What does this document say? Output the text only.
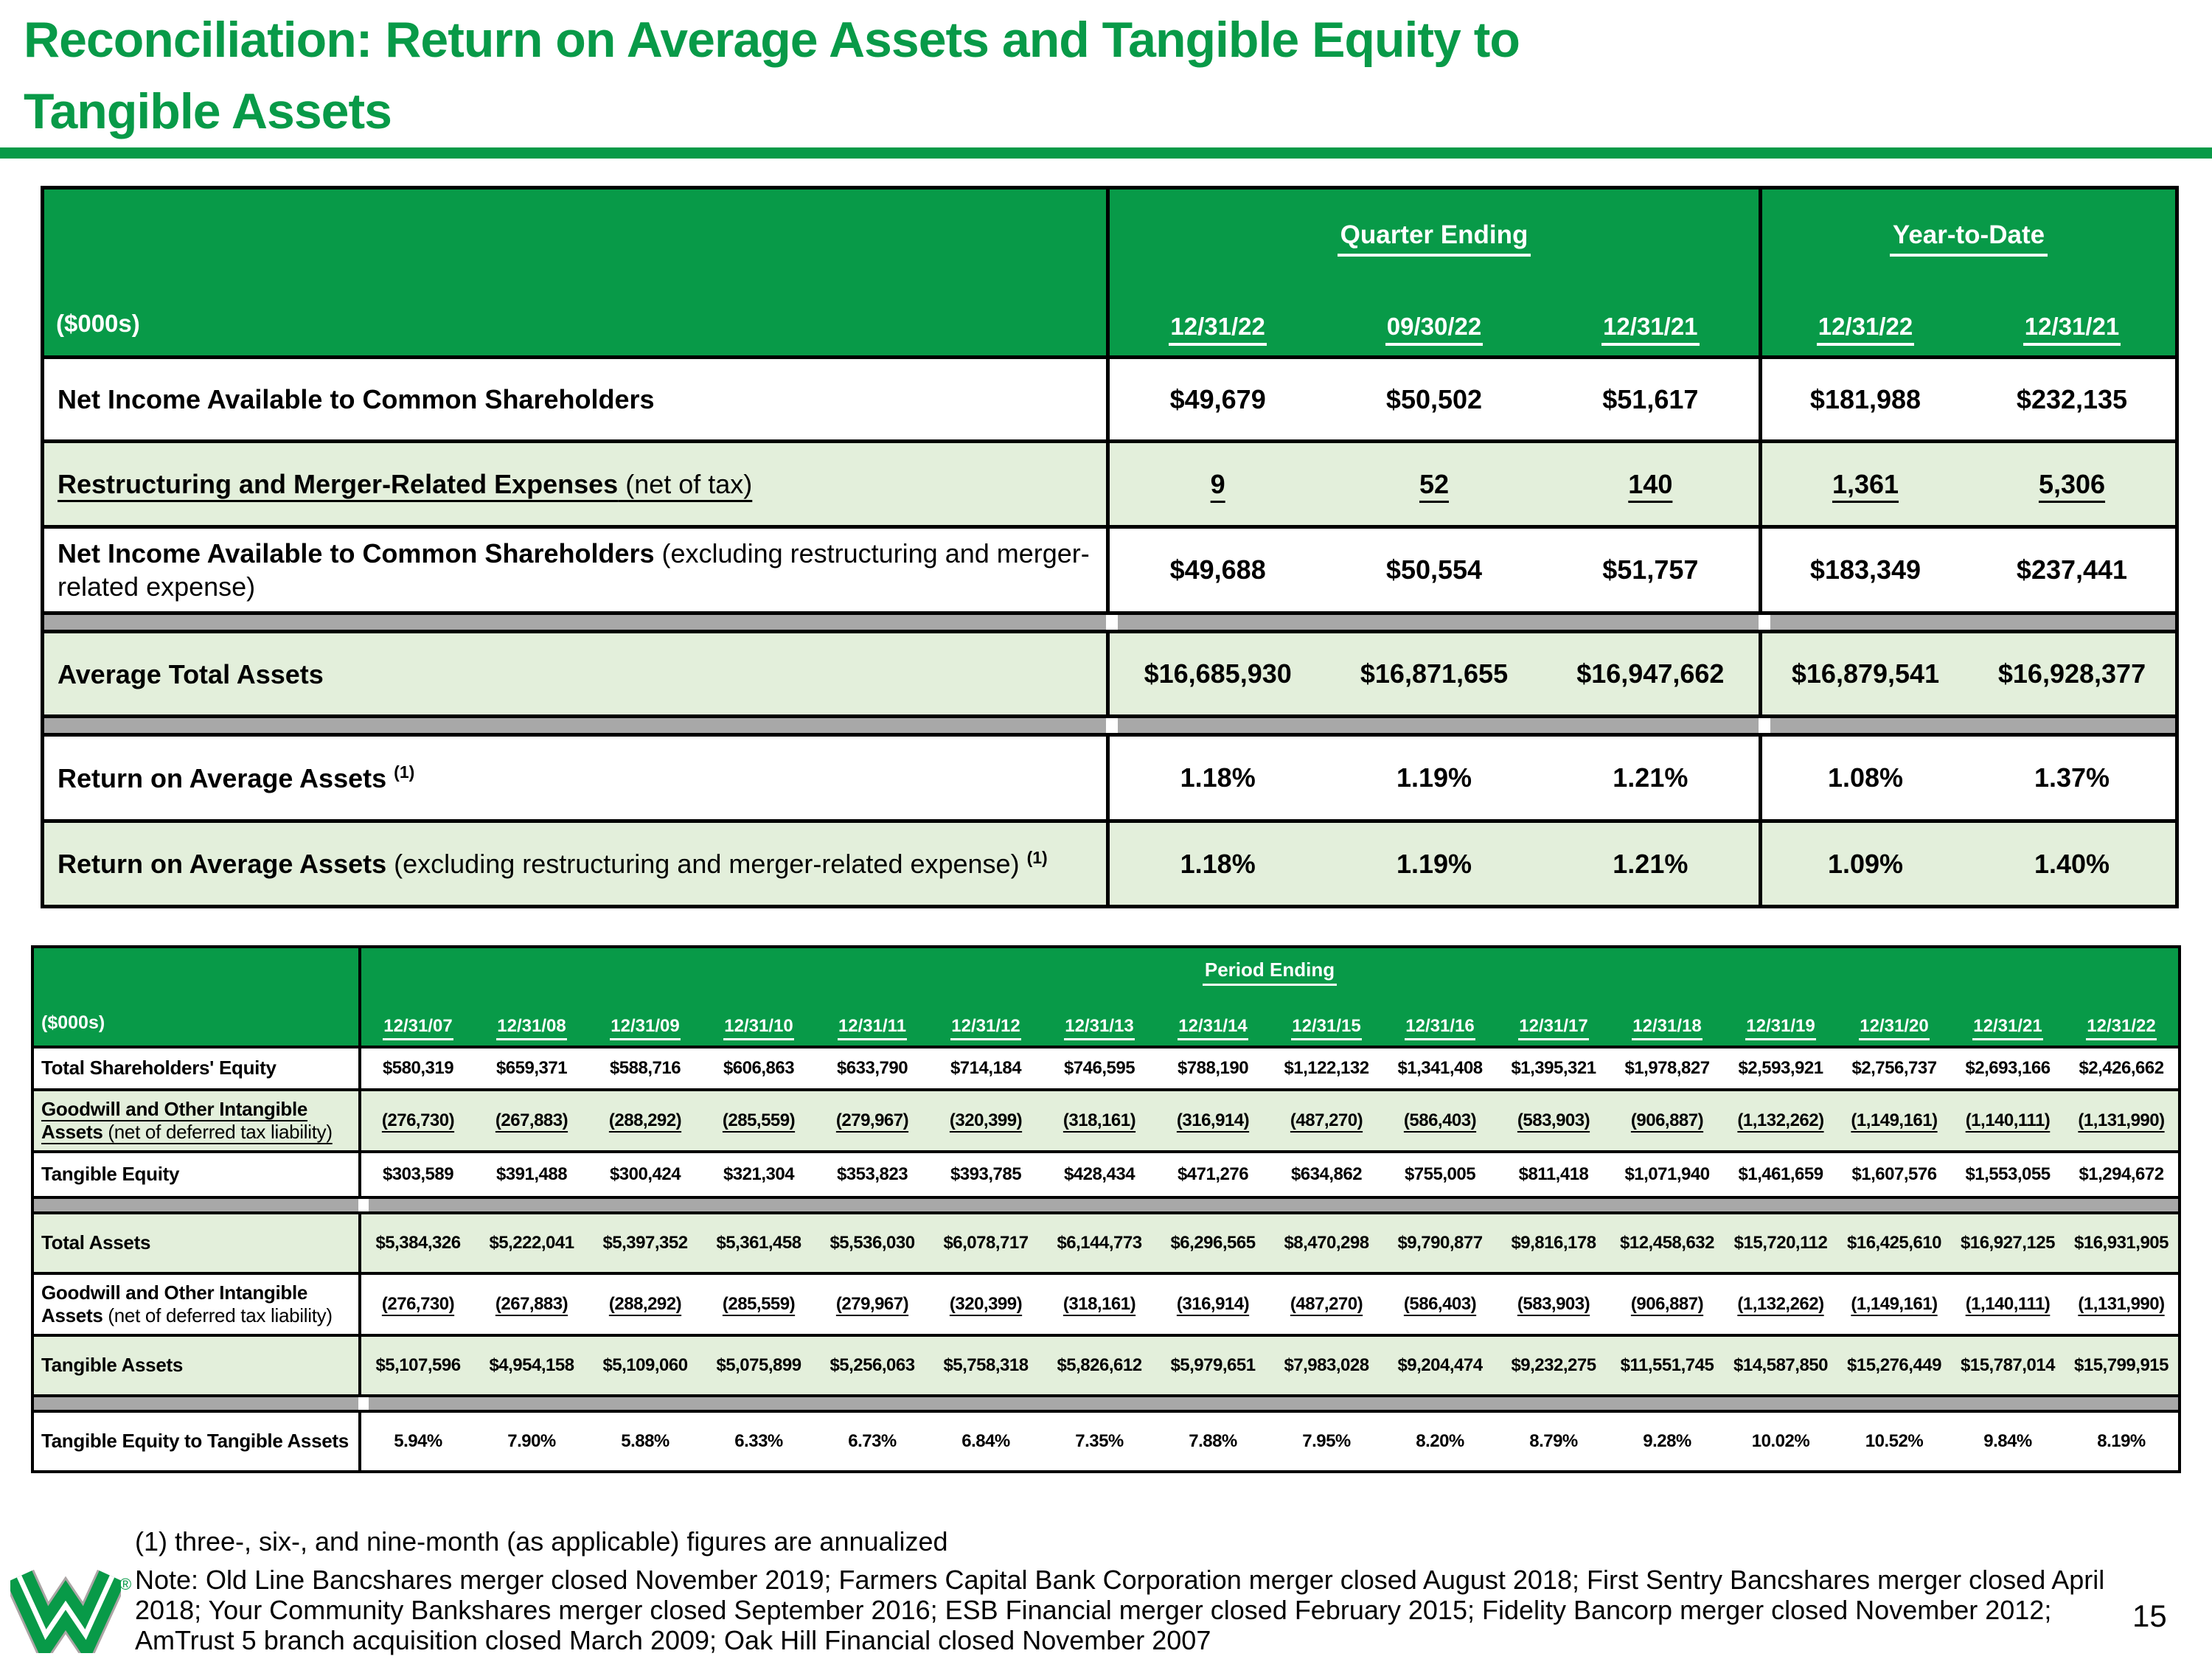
Reconciliation: Return on Average Assets and Tangible Equity to
Tangible Assets
($000s)
Quarter Ending
12/31/22	09/30/22	12/31/21
Year-to-Date
12/31/22	12/31/21
Net Income Available to Common Shareholders	$49,679	$50,502	$51,617	$181,988	$232,135
Restructuring and Merger-Related Expenses (net of tax)	9	52	140	1,361	5,306
Net Income Available to Common Shareholders (excluding restructuring and merger-related expense)
$49,688	$50,554	$51,757	$183,349	$237,441
Average Total Assets	$16,685,930	$16,871,655	$16,947,662	$16,879,541 $16,928,377
Return on Average Assets $^{(1)}$	1.18%	1.19%	1.21%	1.08%	1.37%
Return on Average Assets (excluding restructuring and merger-related expense) $^{(1)}$	1.18%	1.19%	1.21%	1.09%	1.40%
($000s)
Period Ending
12/31/07	12/31/08	12/31/09	12/31/10	12/31/11	12/31/12	12/31/13	12/31/14	12/31/15	12/31/16	12/31/17	12/31/18	12/31/19	12/31/20	12/31/21	12/31/22
Total Shareholders' Equity	$580,319 $659,371 $588,716 $606,863 $633,790 $714,184 $746,595 $788,190 $1,122,132 $1,341,408 $1,395,321 $1,978,827 $2,593,921 $2,756,737 $2,693,166 $2,426,662
Goodwill and Other Intangible Assets (net of deferred tax liability)
(276,730) (267,883) (288,292) (285,559) (279,967) (320,399) (318,161) (316,914) (487,270) (586,403) (583,903) (906,887) (1,132,262) (1,149,161) (1,140,111) (1,131,990)
Tangible Equity	$303,589 $391,488 $300,424 $321,304 $353,823 $393,785 $428,434 $471,276 $634,862 $755,005 $811,418 $1,071,940 $1,461,659 $1,607,576 $1,553,055 $1,294,672
Total Assets	$5,384,326 $5,222,041 $5,397,352 $5,361,458 $5,536,030 $6,078,717 $6,144,773 $6,296,565 $8,470,298 $9,790,877 $9,816,178 $12,458,632 $15,720,112 $16,425,610 $16,927,125 $16,931,905
Goodwill and Other Intangible Assets (net of deferred tax liability)
(276,730) (267,883) (288,292) (285,559) (279,967) (320,399) (318,161) (316,914) (487,270) (586,403) (583,903) (906,887) (1,132,262) (1,149,161) (1,140,111) (1,131,990)
Tangible Assets	$5,107,596 $4,954,158 $5,109,060 $5,075,899 $5,256,063 $5,758,318 $5,826,612 $5,979,651 $7,983,028 $9,204,474 $9,232,275 $11,551,745 $14,587,850 $15,276,449 $15,787,014 $15,799,915
Tangible Equity to Tangible Assets	5.94%	7.90%	5.88%	6.33%	6.73%	6.84%	7.35%	7.88%	7.95%	8.20%	8.79%	9.28%	10.02%	10.52%	9.84%	8.19%
(1) three-, six-, and nine-month (as applicable) figures are annualized
Note: Old Line Bancshares merger closed November 2019; Farmers Capital Bank Corporation merger closed August 2018; First Sentry Bancshares merger closed April 2018; Your Community Bankshares merger closed September 2016; ESB Financial merger closed February 2015; Fidelity Bancorp merger closed November 2012; AmTrust 5 branch acquisition closed March 2009; Oak Hill Financial closed November 2007
®
15
